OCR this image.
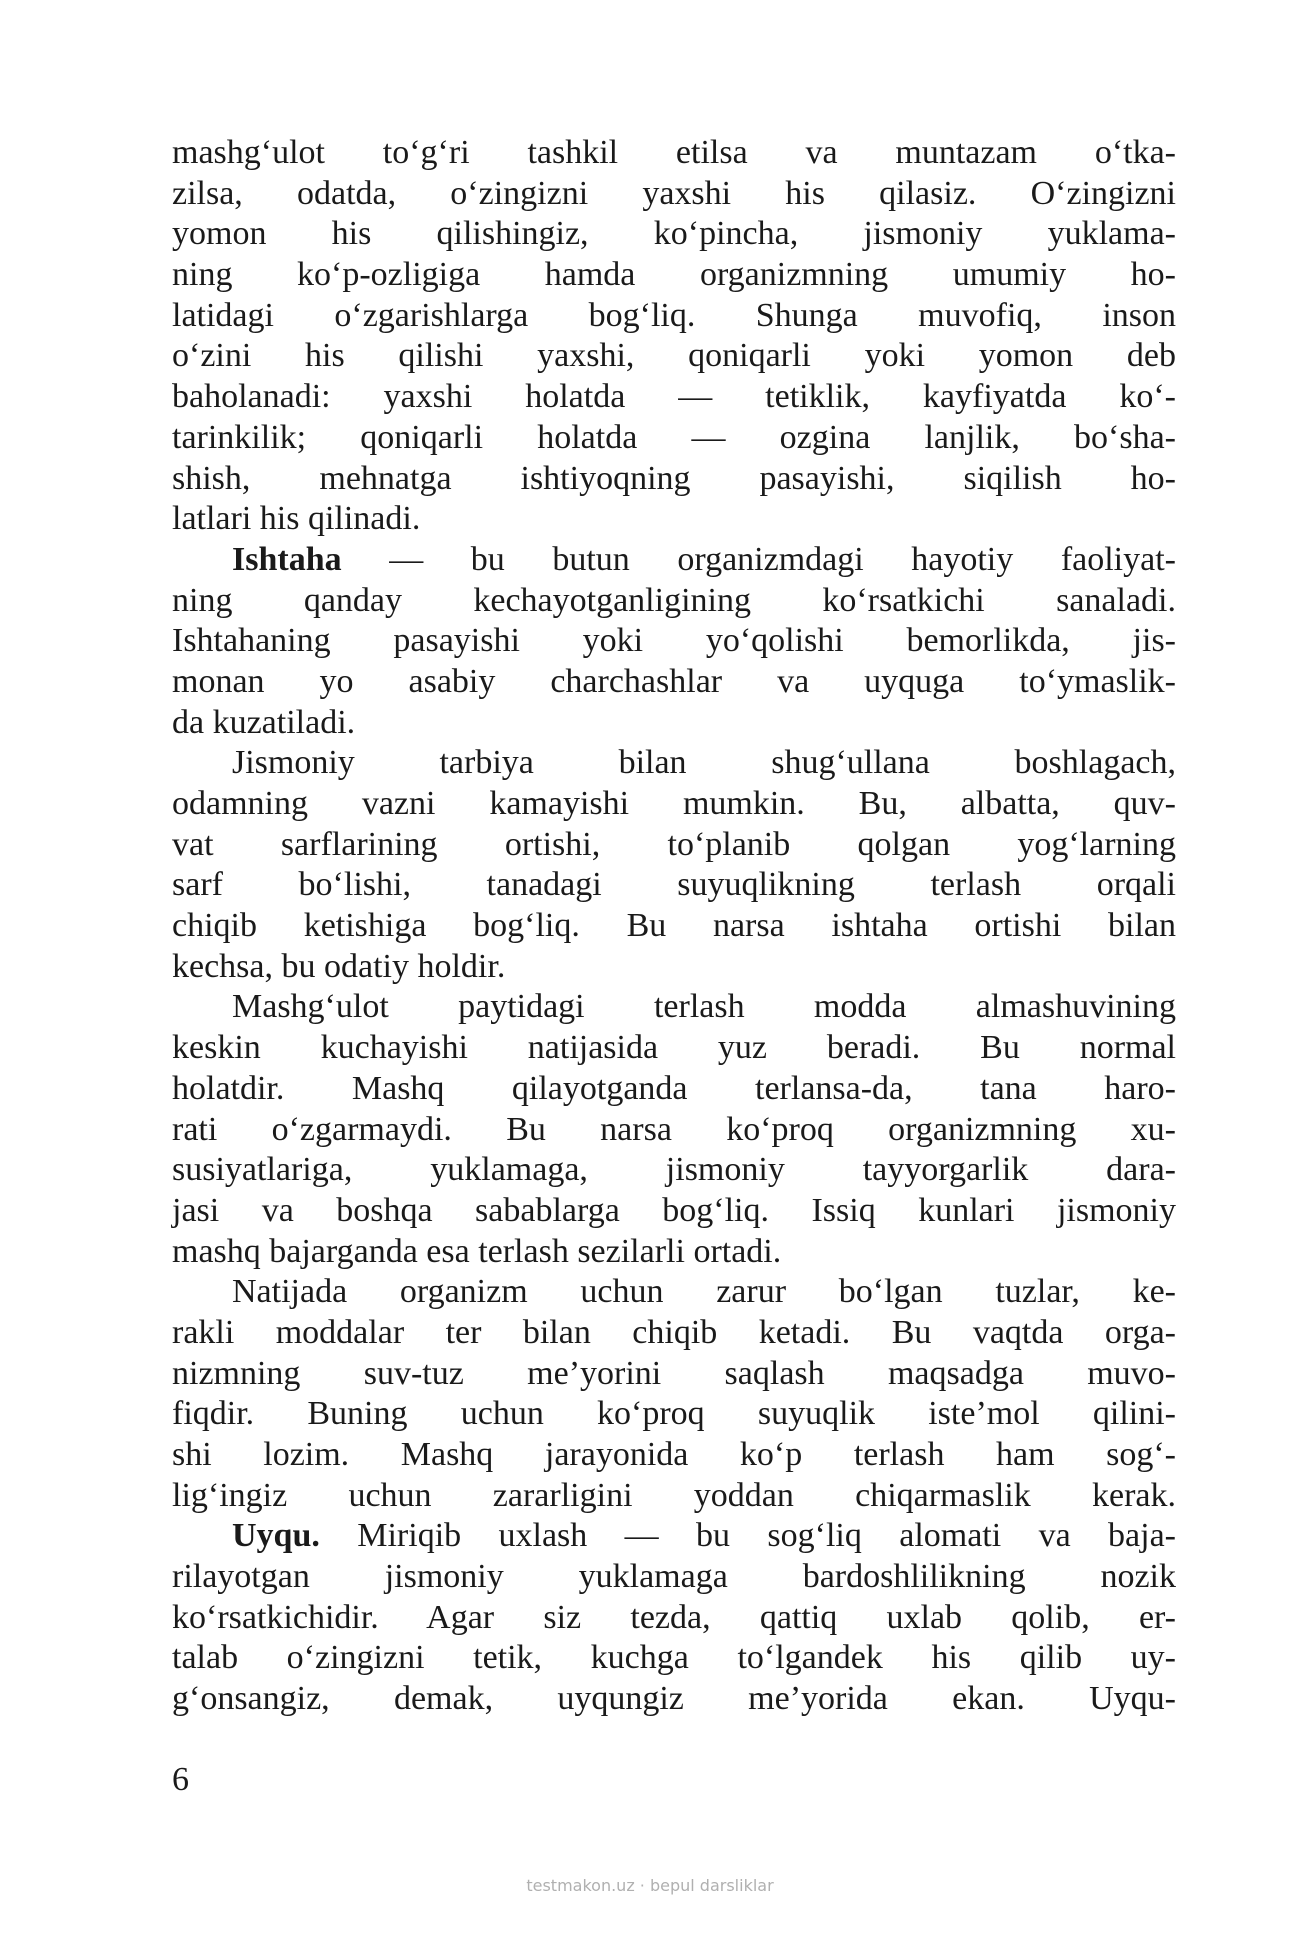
mashg‘ulot to‘g‘ri tashkil etilsa va muntazam o‘tka-
zilsa, odatda, o‘zingizni yaxshi his qilasiz. O‘zingizni
yomon his qilishingiz, ko‘pincha, jismoniy yuklama-
ning ko‘p-ozligiga hamda organizmning umumiy ho-
latidagi o‘zgarishlarga bog‘liq. Shunga muvofiq, inson
o‘zini his qilishi yaxshi, qoniqarli yoki yomon deb
baholanadi: yaxshi holatda — tetiklik, kayfiyatda ko‘-
tarinkilik; qoniqarli holatda — ozgina lanjlik, bo‘sha-
shish, mehnatga ishtiyoqning pasayishi, siqilish ho-
latlari his qilinadi.
Ishtaha — bu butun organizmdagi hayotiy faoliyat-
ning qanday kechayotganligining ko‘rsatkichi sanaladi.
Ishtahaning pasayishi yoki yo‘qolishi bemorlikda, jis-
monan yo asabiy charchashlar va uyquga to‘ymaslik-
da kuzatiladi.
Jismoniy tarbiya bilan shug‘ullana boshlagach,
odamning vazni kamayishi mumkin. Bu, albatta, quv-
vat sarflarining ortishi, to‘planib qolgan yog‘larning
sarf bo‘lishi, tanadagi suyuqlikning terlash orqali
chiqib ketishiga bog‘liq. Bu narsa ishtaha ortishi bilan
kechsa, bu odatiy holdir.
Mashg‘ulot paytidagi terlash modda almashuvining
keskin kuchayishi natijasida yuz beradi. Bu normal
holatdir. Mashq qilayotganda terlansa-da, tana haro-
rati o‘zgarmaydi. Bu narsa ko‘proq organizmning xu-
susiyatlariga, yuklamaga, jismoniy tayyorgarlik dara-
jasi va boshqa sabablarga bog‘liq. Issiq kunlari jismoniy
mashq bajarganda esa terlash sezilarli ortadi.
Natijada organizm uchun zarur bo‘lgan tuzlar, ke-
rakli moddalar ter bilan chiqib ketadi. Bu vaqtda orga-
nizmning suv-tuz me’yorini saqlash maqsadga muvo-
fiqdir. Buning uchun ko‘proq suyuqlik iste’mol qilini-
shi lozim. Mashq jarayonida ko‘p terlash ham sog‘-
lig‘ingiz uchun zararligini yoddan chiqarmaslik kerak.
Uyqu. Miriqib uxlash — bu sog‘liq alomati va baja-
rilayotgan jismoniy yuklamaga bardoshlilikning nozik
ko‘rsatkichidir. Agar siz tezda, qattiq uxlab qolib, er-
talab o‘zingizni tetik, kuchga to‘lgandek his qilib uy-
g‘onsangiz, demak, uyqungiz me’yorida ekan. Uyqu-
6
testmakon.uz · bepul darsliklar
